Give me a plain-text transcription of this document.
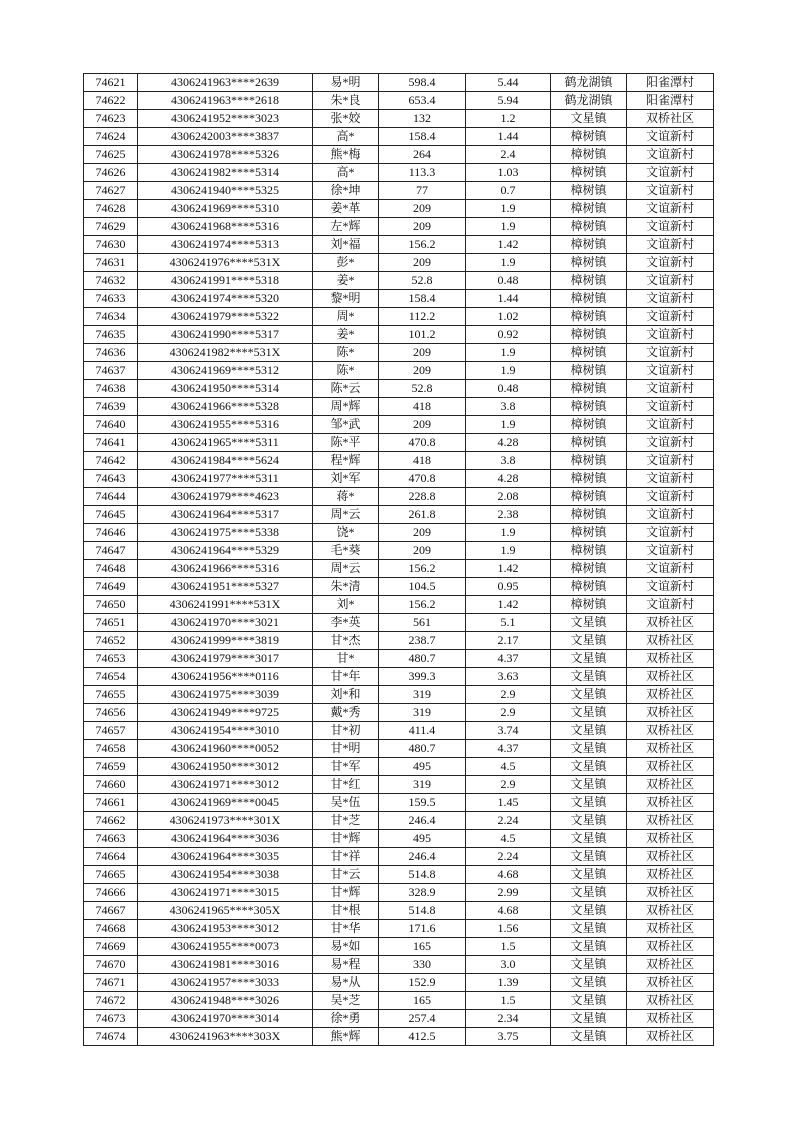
74621	4306241963****2639	易*明	598.4	5.44	鹤龙湖镇	阳雀潭村
74622	4306241963****2618	朱*良	653.4	5.94	鹤龙湖镇	阳雀潭村
74623	4306241952****3023	张*姣	132	1.2	文星镇	双桥社区
74624	4306242003****3837	高*	158.4	1.44	樟树镇	文谊新村
74625	4306241978****5326	熊*梅	264	2.4	樟树镇	文谊新村
74626	4306241982****5314	高*	113.3	1.03	樟树镇	文谊新村
74627	4306241940****5325	徐*坤	77	0.7	樟树镇	文谊新村
74628	4306241969****5310	姜*革	209	1.9	樟树镇	文谊新村
74629	4306241968****5316	左*辉	209	1.9	樟树镇	文谊新村
74630	4306241974****5313	刘*福	156.2	1.42	樟树镇	文谊新村
74631	4306241976****531X	彭*	209	1.9	樟树镇	文谊新村
74632	4306241991****5318	姜*	52.8	0.48	樟树镇	文谊新村
74633	4306241974****5320	黎*明	158.4	1.44	樟树镇	文谊新村
74634	4306241979****5322	周*	112.2	1.02	樟树镇	文谊新村
74635	4306241990****5317	姜*	101.2	0.92	樟树镇	文谊新村
74636	4306241982****531X	陈*	209	1.9	樟树镇	文谊新村
74637	4306241969****5312	陈*	209	1.9	樟树镇	文谊新村
74638	4306241950****5314	陈*云	52.8	0.48	樟树镇	文谊新村
74639	4306241966****5328	周*辉	418	3.8	樟树镇	文谊新村
74640	4306241955****5316	邹*武	209	1.9	樟树镇	文谊新村
74641	4306241965****5311	陈*平	470.8	4.28	樟树镇	文谊新村
74642	4306241984****5624	程*辉	418	3.8	樟树镇	文谊新村
74643	4306241977****5311	刘*军	470.8	4.28	樟树镇	文谊新村
74644	4306241979****4623	蒋*	228.8	2.08	樟树镇	文谊新村
74645	4306241964****5317	周*云	261.8	2.38	樟树镇	文谊新村
74646	4306241975****5338	饶*	209	1.9	樟树镇	文谊新村
74647	4306241964****5329	毛*葵	209	1.9	樟树镇	文谊新村
74648	4306241966****5316	周*云	156.2	1.42	樟树镇	文谊新村
74649	4306241951****5327	朱*清	104.5	0.95	樟树镇	文谊新村
74650	4306241991****531X	刘*	156.2	1.42	樟树镇	文谊新村
74651	4306241970****3021	李*英	561	5.1	文星镇	双桥社区
74652	4306241999****3819	甘*杰	238.7	2.17	文星镇	双桥社区
74653	4306241979****3017	甘*	480.7	4.37	文星镇	双桥社区
74654	4306241956****0116	甘*年	399.3	3.63	文星镇	双桥社区
74655	4306241975****3039	刘*和	319	2.9	文星镇	双桥社区
74656	4306241949****9725	戴*秀	319	2.9	文星镇	双桥社区
74657	4306241954****3010	甘*初	411.4	3.74	文星镇	双桥社区
74658	4306241960****0052	甘*明	480.7	4.37	文星镇	双桥社区
74659	4306241950****3012	甘*军	495	4.5	文星镇	双桥社区
74660	4306241971****3012	甘*红	319	2.9	文星镇	双桥社区
74661	4306241969****0045	吴*伍	159.5	1.45	文星镇	双桥社区
74662	4306241973****301X	甘*芝	246.4	2.24	文星镇	双桥社区
74663	4306241964****3036	甘*辉	495	4.5	文星镇	双桥社区
74664	4306241964****3035	甘*祥	246.4	2.24	文星镇	双桥社区
74665	4306241954****3038	甘*云	514.8	4.68	文星镇	双桥社区
74666	4306241971****3015	甘*辉	328.9	2.99	文星镇	双桥社区
74667	4306241965****305X	甘*根	514.8	4.68	文星镇	双桥社区
74668	4306241953****3012	甘*华	171.6	1.56	文星镇	双桥社区
74669	4306241955****0073	易*如	165	1.5	文星镇	双桥社区
74670	4306241981****3016	易*程	330	3.0	文星镇	双桥社区
74671	4306241957****3033	易*从	152.9	1.39	文星镇	双桥社区
74672	4306241948****3026	吴*芝	165	1.5	文星镇	双桥社区
74673	4306241970****3014	徐*勇	257.4	2.34	文星镇	双桥社区
74674	4306241963****303X	熊*辉	412.5	3.75	文星镇	双桥社区
